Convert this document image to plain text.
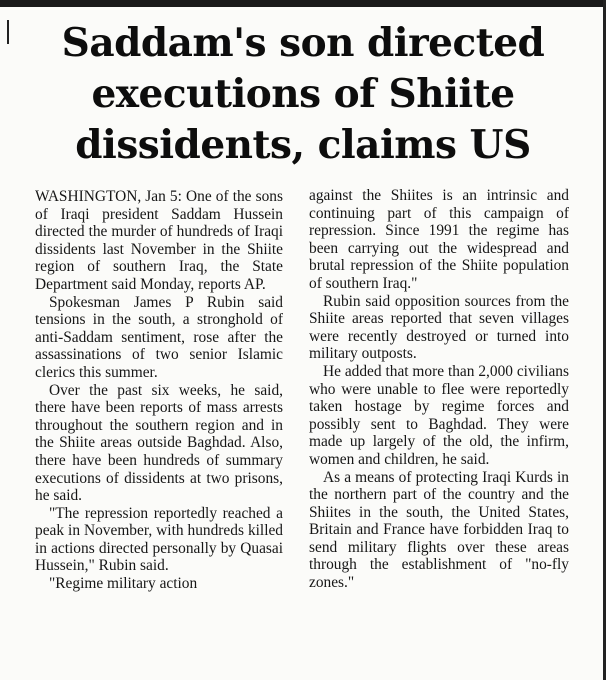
Saddam's son directed executions of Shiite dissidents, claims US

WASHINGTON, Jan 5: One of the sons of Iraqi president Saddam Hussein directed the murder of hundreds of Iraqi dissidents last November in the Shiite region of southern Iraq, the State Department said Monday, reports AP.

Spokesman James P Rubin said tensions in the south, a stronghold of anti-Saddam sentiment, rose after the assassinations of two senior Islamic clerics this summer.

Over the past six weeks, he said, there have been reports of mass arrests throughout the southern region and in the Shiite areas outside Baghdad. Also, there have been hundreds of summary executions of dissidents at two prisons, he said.

"The repression reportedly reached a peak in November, with hundreds killed in actions directed personally by Quasai Hussein," Rubin said.

"Regime military action

against the Shiites is an intrinsic and continuing part of this campaign of repression. Since 1991 the regime has been carrying out the widespread and brutal repression of the Shiite population of southern Iraq."

Rubin said opposition sources from the Shiite areas reported that seven villages were recently destroyed or turned into military outposts.

He added that more than 2,000 civilians who were unable to flee were reportedly taken hostage by regime forces and possibly sent to Baghdad. They were made up largely of the old, the infirm, women and children, he said.

As a means of protecting Iraqi Kurds in the northern part of the country and the Shiites in the south, the United States, Britain and France have forbidden Iraq to send military flights over these areas through the establishment of "no-fly zones."
